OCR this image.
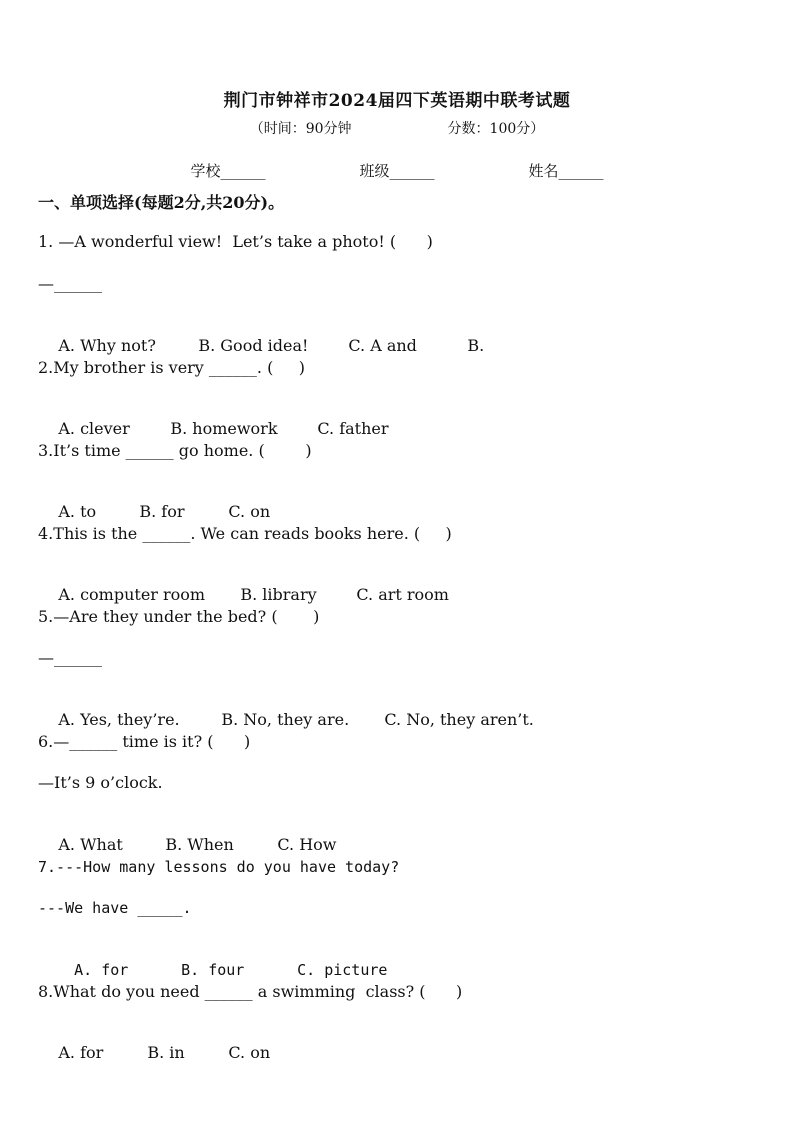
荆门市钟祥市2024届四下英语期中联考试题
（时间：90分钟	分数：100分）
学校______	班级______	姓名______
一、单项选择(每题2分,共20分)。
1. —A wonderful view!  Let’s take a photo! (      )
—______

A. Why not?	B. Good idea! C. A and	B.

2.My brother is very ______. (     )

A. clever	B. homework C. father

3.It’s time ______ go home. (        )

A. to	B. for	C. on

4.This is the ______. We can reads books here. (     )

A. computer room B. library C. art room

5.—Are they under the bed? (       )
—______

A. Yes, they’re.	B. No, they are. C. No, they aren’t.

6.—______ time is it? (      )
—It’s 9 o’clock.

A. What	B. When	C. How

7.---How many lessons do you have today?
---We have _____.

A. for	B. four	C. picture

8.What do you need ______ a swimming  class? (      )

A. for	B. in	C. on
